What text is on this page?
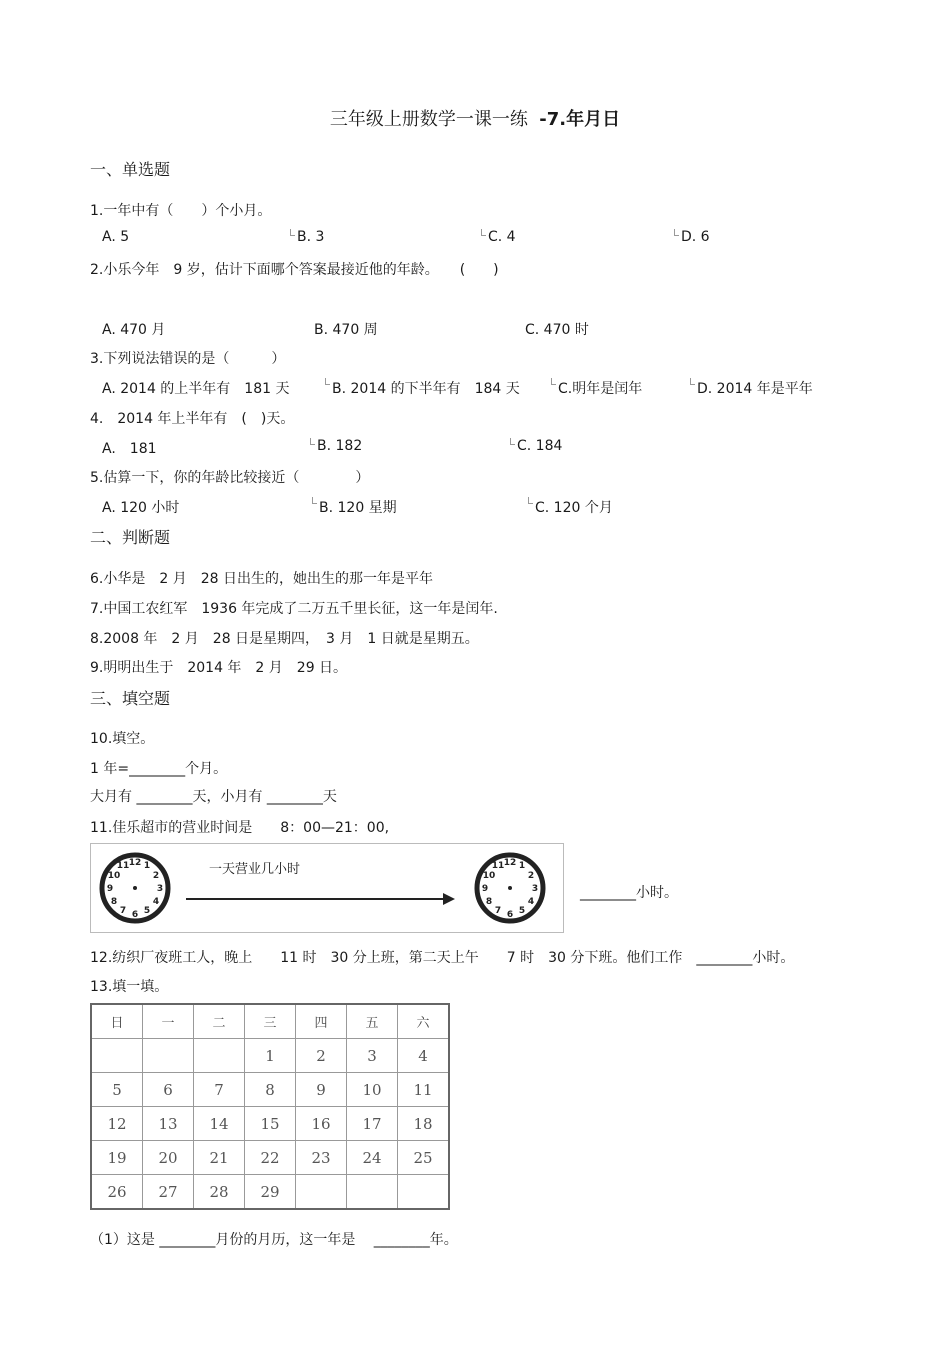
三年级上册数学一课一练 -7.年月日
一、单选题
1.一年中有（　　）个小月。
A. 5	B. 3	C. 4	D. 6
2.小乐今年　9 岁，估计下面哪个答案最接近他的年龄。　　(　　)
A. 470 月	B. 470 周	C. 470 时
3.下列说法错误的是（　　　）
A. 2014 的上半年有　181 天	B. 2014 的下半年有　184 天	C.明年是闰年	D. 2014 年是平年
4.　2014 年上半年有　(　)天。
A.　181	B. 182	C. 184
5.估算一下，你的年龄比较接近（　　　　）
A. 120 小时	B. 120 星期	C. 120 个月
二、判断题
6.小华是　2 月　28 日出生的，她出生的那一年是平年
7.中国工农红军　1936 年完成了二万五千里长征，这一年是闰年.
8.2008 年　2 月　28 日是星期四，　3 月　1 日就是星期五。
9.明明出生于　2014 年　2 月　29 日。
三、填空题
10.填空。
1 年=________个月。
大月有 ________天，小月有 ________天
11.佳乐超市的营业时间是　　8：00—21：00,
12 1
2
3
4
5
6
7
8
9
10
11	一天营业几小时	12 1
2
3
4
5
6
7
8
9
10
11
________小时。
12.纺织厂夜班工人，晚上　　11 时　30 分上班，第二天上午　　7 时　30 分下班。他们工作　________小时。
13.填一填。
日	一	二	三	四	五	六
			1	2	3	4
5	6	7	8	9	10	11
12	13	14	15	16	17	18
19	20	21	22	23	24	25
26	27	28	29			
（1）这是 ________月份的月历，这一年是　 ________年。
